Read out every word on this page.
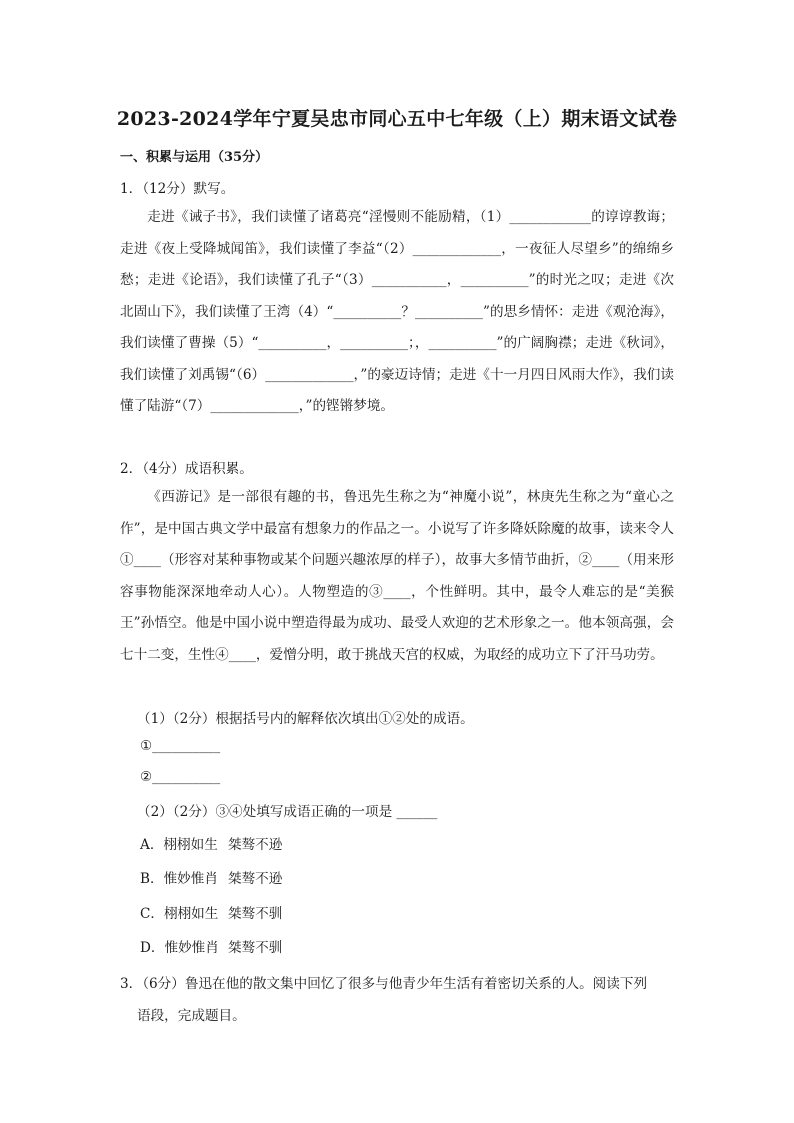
2023-2024学年宁夏吴忠市同心五中七年级（上）期末语文试卷
一、积累与运用（35分）
1．（12分）默写。
走进《诫子书》，我们读懂了诸葛亮“淫慢则不能励精，（1）____________的谆谆教诲；走进《夜上受降城闻笛》，我们读懂了李益“（2）_____________，一夜征人尽望乡”的绵绵乡愁；走进《论语》，我们读懂了孔子“（3）___________，__________”的时光之叹；走进《次北固山下》，我们读懂了王湾（4）“__________？__________”的思乡情怀：走进《观沧海》，我们读懂了曹操（5）“__________，__________；，__________”的广阔胸襟；走进《秋词》，我们读懂了刘禹锡“（6）_____________，”的豪迈诗情；走进《十一月四日风雨大作》，我们读懂了陆游“（7）_____________，”的铿锵梦境。
2．（4分）成语积累。
《西游记》是一部很有趣的书，鲁迅先生称之为“神魔小说”，林庚先生称之为“童心之作”，是中国古典文学中最富有想象力的作品之一。小说写了许多降妖除魔的故事，读来令人①____（形容对某种事物或某个问题兴趣浓厚的样子），故事大多情节曲折，②____（用来形容事物能深深地牵动人心）。人物塑造的③____，个性鲜明。其中，最令人难忘的是“美猴王”孙悟空。他是中国小说中塑造得最为成功、最受人欢迎的艺术形象之一。他本领高强，会七十二变，生性④____，爱憎分明，敢于挑战天宫的权威，为取经的成功立下了汗马功劳。
（1）（2分）根据括号内的解释依次填出①②处的成语。
①__________
②__________
（2）（2分）③④处填写成语正确的一项是 ______
A．栩栩如生 桀骜不逊
B．惟妙惟肖 桀骜不逊
C．栩栩如生 桀骜不驯
D．惟妙惟肖 桀骜不驯
3．（6分）鲁迅在他的散文集中回忆了很多与他青少年生活有着密切关系的人。阅读下列
语段，完成题目。
